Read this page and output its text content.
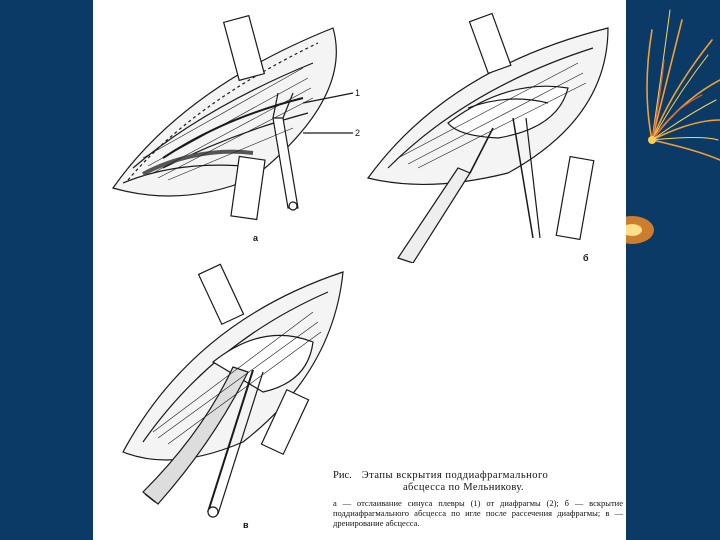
1
2
а
б
в
Рис. Этапы вскрытия поддиафрагмального
абсцесса по Мельникову.
а — отслаивание синуса плевры (1) от диафрагмы (2); б — вскрытие поддиафрагмального абсцесса по игле после рассечения диафрагмы; в — дренирование абсцесса.
